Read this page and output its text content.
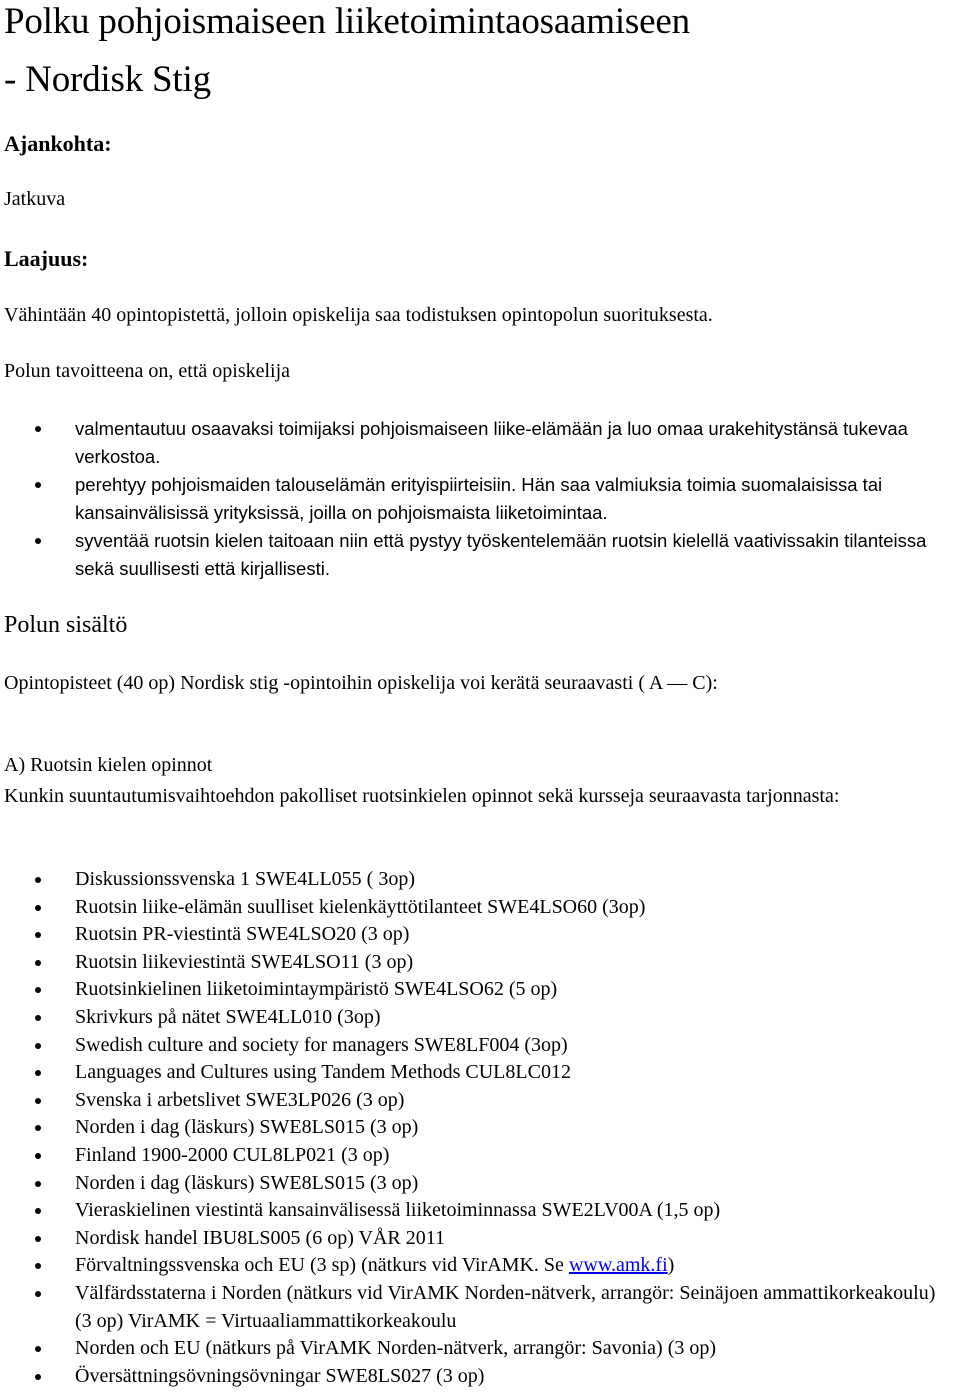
Polku pohjoismaiseen liiketoimintaosaamiseen
- Nordisk Stig
Ajankohta:
Jatkuva
Laajuus:
Vähintään 40 opintopistettä, jolloin opiskelija saa todistuksen opintopolun suorituksesta.
Polun tavoitteena on, että opiskelija
valmentautuu osaavaksi toimijaksi pohjoismaiseen liike-elämään ja luo omaa urakehitystänsä tukevaa verkostoa.
perehtyy pohjoismaiden talouselämän erityispiirteisiin. Hän saa valmiuksia toimia suomalaisissa tai kansainvälisissä yrityksissä, joilla on pohjoismaista liiketoimintaa.
syventää ruotsin kielen taitoaan niin että pystyy työskentelemään ruotsin kielellä vaativissakin tilanteissa sekä suullisesti että kirjallisesti.
Polun sisältö
Opintopisteet (40 op) Nordisk stig -opintoihin opiskelija voi kerätä seuraavasti ( A — C):
A) Ruotsin kielen opinnot
Kunkin suuntautumisvaihtoehdon pakolliset ruotsinkielen opinnot sekä kursseja seuraavasta tarjonnasta:
Diskussionssvenska 1 SWE4LL055 ( 3op)
Ruotsin liike-elämän suulliset kielenkäyttötilanteet SWE4LSO60 (3op)
Ruotsin PR-viestintä SWE4LSO20 (3 op)
Ruotsin liikeviestintä SWE4LSO11 (3 op)
Ruotsinkielinen liiketoimintaympäristö SWE4LSO62 (5 op)
Skrivkurs på nätet SWE4LL010 (3op)
Swedish culture and society for managers SWE8LF004 (3op)
Languages and Cultures using Tandem Methods CUL8LC012
Svenska i arbetslivet SWE3LP026 (3 op)
Norden i dag (läskurs) SWE8LS015 (3 op)
Finland 1900-2000 CUL8LP021 (3 op)
Norden i dag (läskurs) SWE8LS015 (3 op)
Vieraskielinen viestintä kansainvälisessä liiketoiminnassa SWE2LV00A (1,5 op)
Nordisk handel IBU8LS005 (6 op) VÅR 2011
Förvaltningssvenska och EU (3 sp) (nätkurs vid VirAMK. Se www.amk.fi)
Välfärdsstaterna i Norden (nätkurs vid VirAMK Norden-nätverk, arrangör: Seinäjoen ammattikorkeakoulu) (3 op) VirAMK = Virtuaaliammattikorkeakoulu
Norden och EU (nätkurs på VirAMK Norden-nätverk, arrangör: Savonia) (3 op)
Översättningsövningsövningar SWE8LS027 (3 op)
